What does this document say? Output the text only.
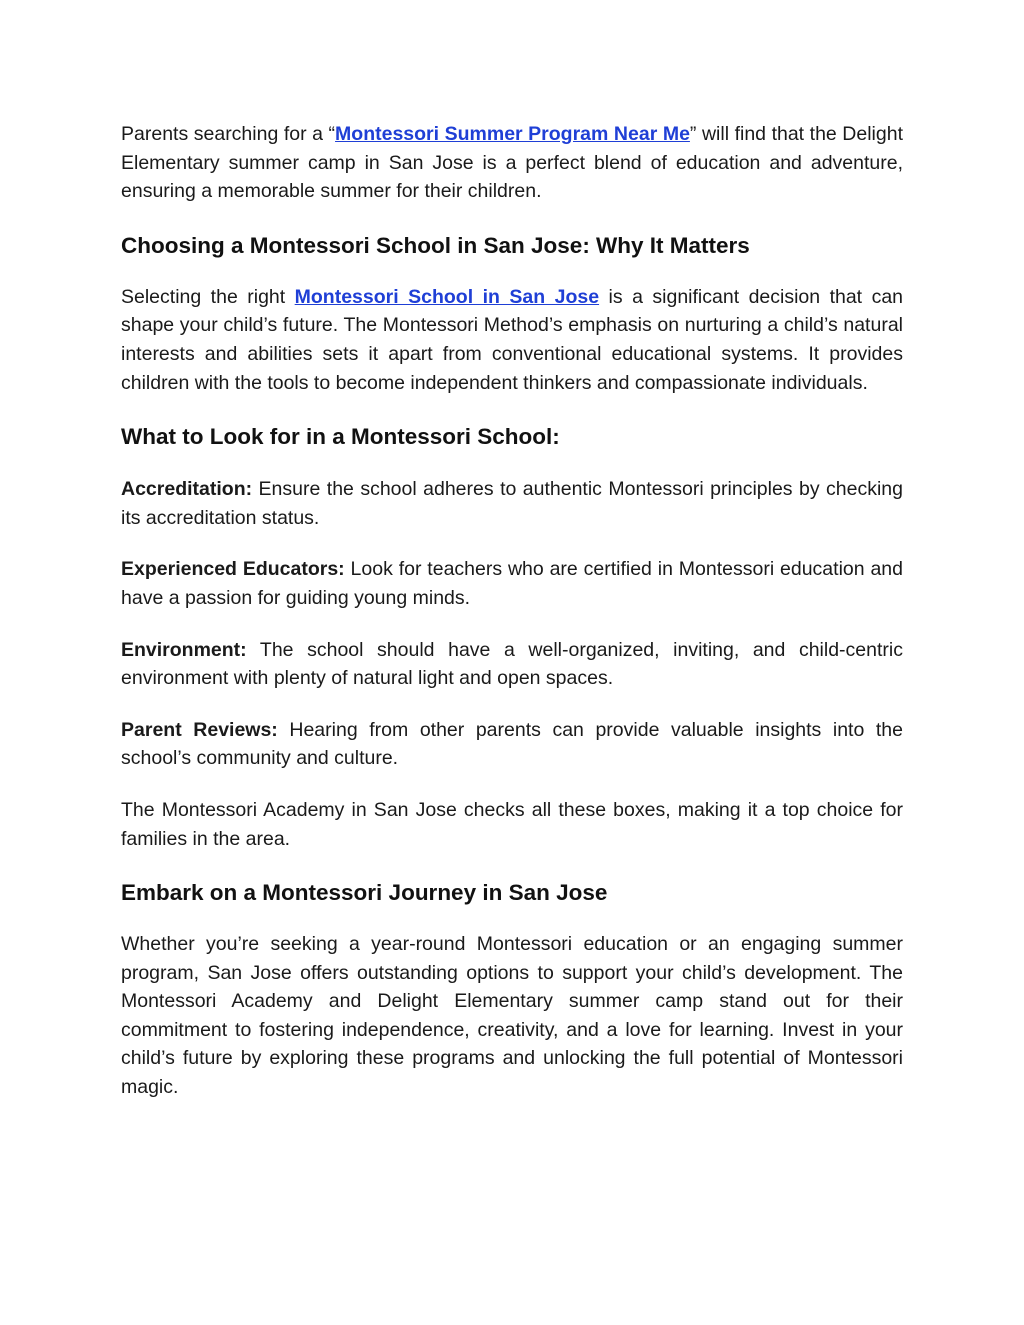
Parents searching for a “Montessori Summer Program Near Me” will find that the Delight Elementary summer camp in San Jose is a perfect blend of education and adventure, ensuring a memorable summer for their children.

Choosing a Montessori School in San Jose: Why It Matters

Selecting the right Montessori School in San Jose is a significant decision that can shape your child’s future. The Montessori Method’s emphasis on nurturing a child’s natural interests and abilities sets it apart from conventional educational systems. It provides children with the tools to become independent thinkers and compassionate individuals.

What to Look for in a Montessori School:

Accreditation: Ensure the school adheres to authentic Montessori principles by checking its accreditation status.

Experienced Educators: Look for teachers who are certified in Montessori education and have a passion for guiding young minds.

Environment: The school should have a well-organized, inviting, and child-centric environment with plenty of natural light and open spaces.

Parent Reviews: Hearing from other parents can provide valuable insights into the school’s community and culture.

The Montessori Academy in San Jose checks all these boxes, making it a top choice for families in the area.

Embark on a Montessori Journey in San Jose

Whether you’re seeking a year-round Montessori education or an engaging summer program, San Jose offers outstanding options to support your child’s development. The Montessori Academy and Delight Elementary summer camp stand out for their commitment to fostering independence, creativity, and a love for learning. Invest in your child’s future by exploring these programs and unlocking the full potential of Montessori magic.
